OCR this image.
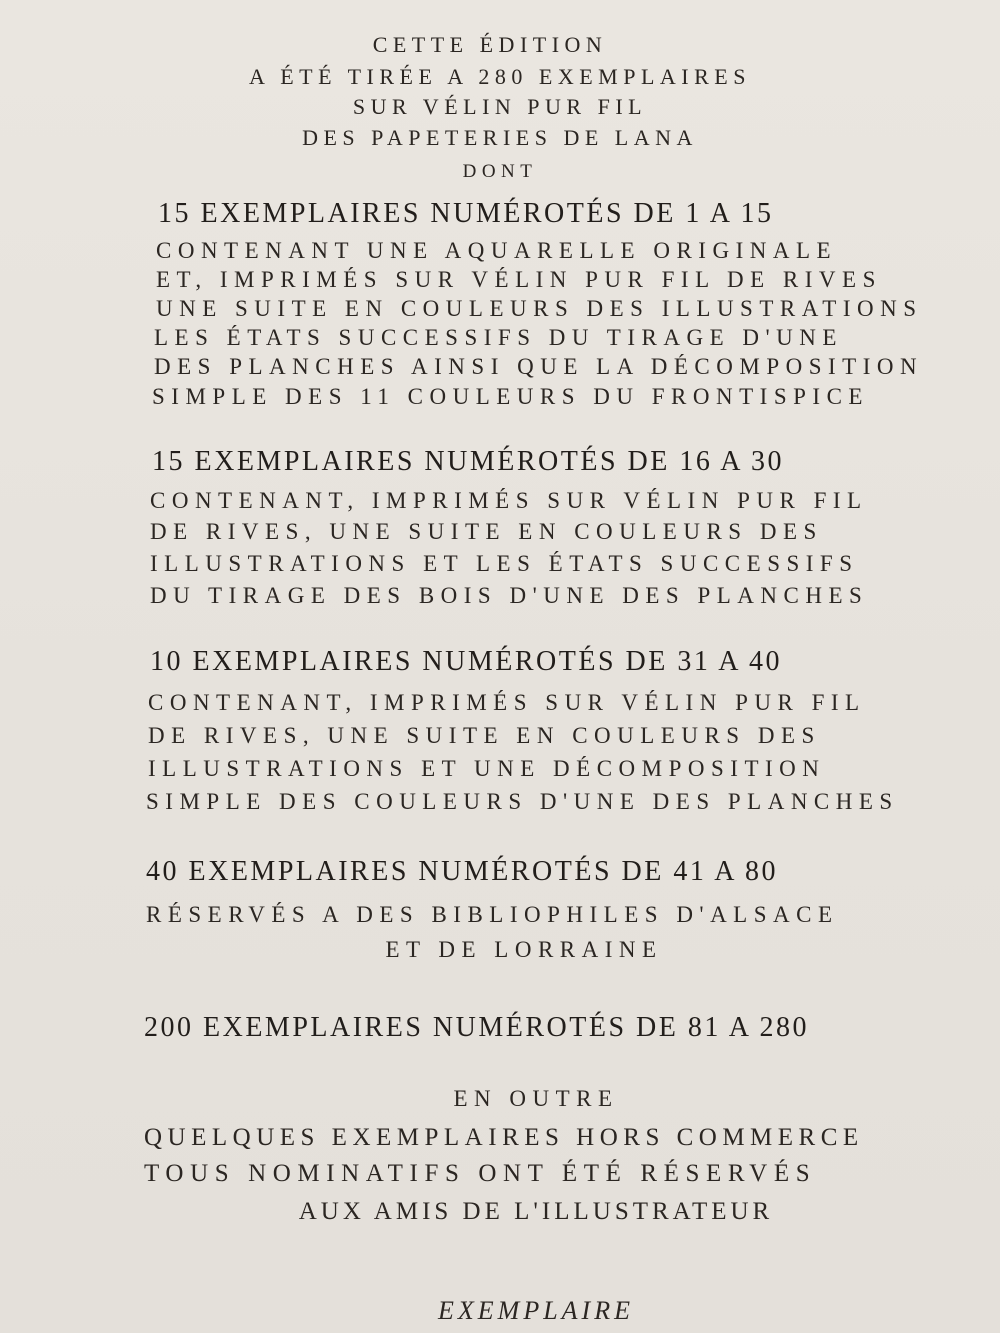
CETTE ÉDITION
A ÉTÉ TIRÉE A 280 EXEMPLAIRES
SUR VÉLIN PUR FIL
DES PAPETERIES DE LANA
DONT
15 EXEMPLAIRES NUMÉROTÉS DE 1 A 15
CONTENANT UNE AQUARELLE ORIGINALE
ET, IMPRIMÉS SUR VÉLIN PUR FIL DE RIVES
UNE SUITE EN COULEURS DES ILLUSTRATIONS
LES ÉTATS SUCCESSIFS DU TIRAGE D'UNE
DES PLANCHES AINSI QUE LA DÉCOMPOSITION
SIMPLE DES 11 COULEURS DU FRONTISPICE
15 EXEMPLAIRES NUMÉROTÉS DE 16 A 30
CONTENANT, IMPRIMÉS SUR VÉLIN PUR FIL
DE RIVES, UNE SUITE EN COULEURS DES
ILLUSTRATIONS ET LES ÉTATS SUCCESSIFS
DU TIRAGE DES BOIS D'UNE DES PLANCHES
10 EXEMPLAIRES NUMÉROTÉS DE 31 A 40
CONTENANT, IMPRIMÉS SUR VÉLIN PUR FIL
DE RIVES, UNE SUITE EN COULEURS DES
ILLUSTRATIONS ET UNE DÉCOMPOSITION
SIMPLE DES COULEURS D'UNE DES PLANCHES
40 EXEMPLAIRES NUMÉROTÉS DE 41 A 80
RÉSERVÉS A DES BIBLIOPHILES D'ALSACE
ET DE LORRAINE
200 EXEMPLAIRES NUMÉROTÉS DE 81 A 280
EN OUTRE
QUELQUES EXEMPLAIRES HORS COMMERCE
TOUS NOMINATIFS ONT ÉTÉ RÉSERVÉS
AUX AMIS DE L'ILLUSTRATEUR
EXEMPLAIRE
